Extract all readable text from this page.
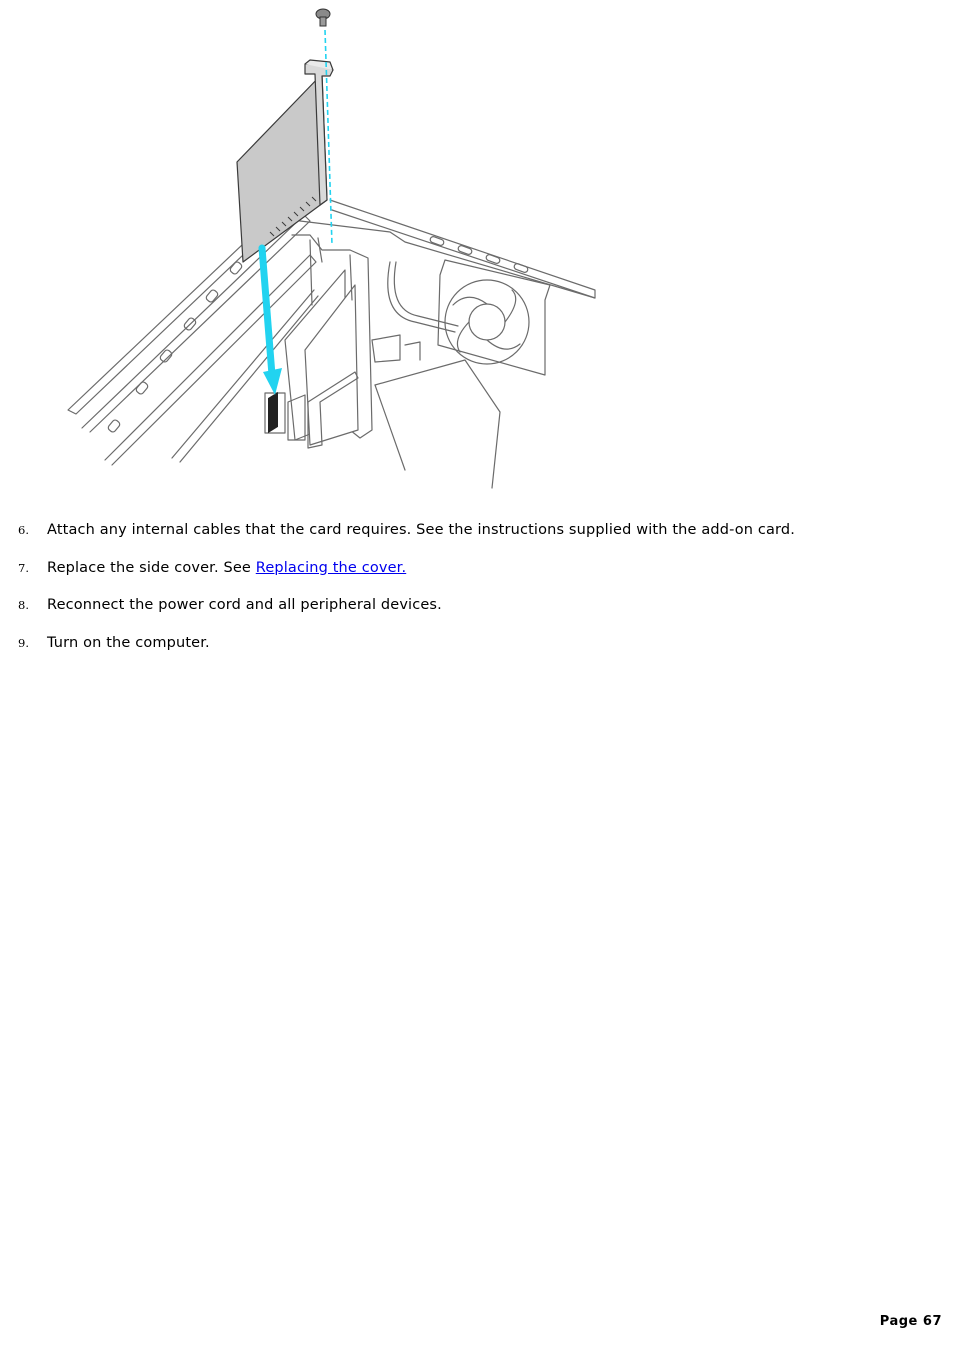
6. Attach any internal cables that the card requires. See the instructions supplied with the add-on card.
7. Replace the side cover. See Replacing the cover.
8. Reconnect the power cord and all peripheral devices.
9. Turn on the computer.
Page 67
